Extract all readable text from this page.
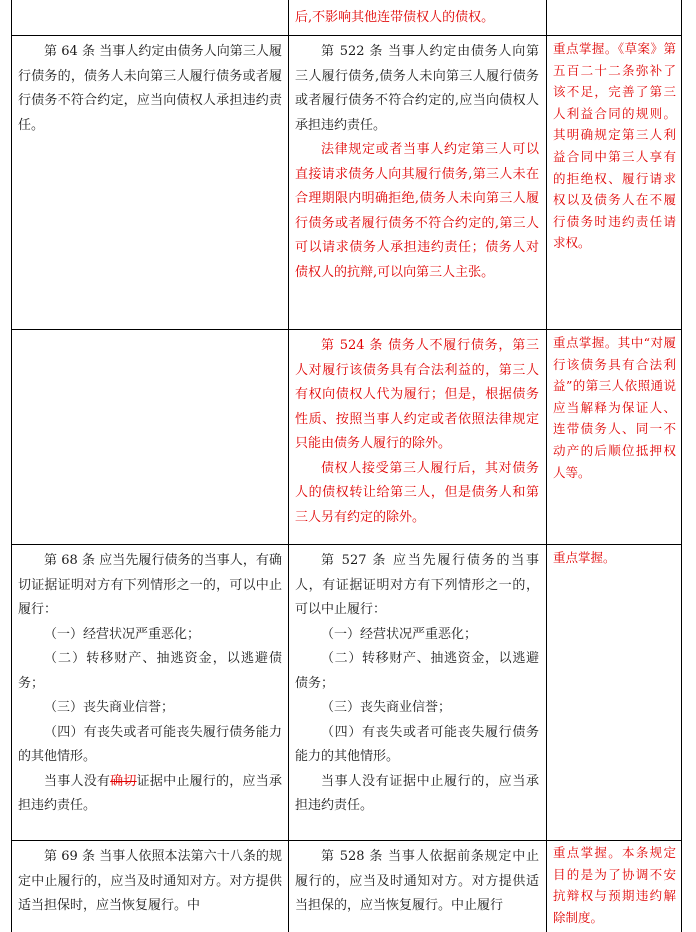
后,不影响其他连带债权人的债权。

第 64 条 当事人约定由债务人向第三人履行债务的，债务人未向第三人履行债务或者履行债务不符合约定，应当向债权人承担违约责任。

第 522 条 当事人约定由债务人向第三人履行债务,债务人未向第三人履行债务或者履行债务不符合约定的,应当向债权人承担违约责任。

法律规定或者当事人约定第三人可以直接请求债务人向其履行债务,第三人未在合理期限内明确拒绝,债务人未向第三人履行债务或者履行债务不符合约定的,第三人可以请求债务人承担违约责任；债务人对债权人的抗辩,可以向第三人主张。

重点掌握。《草案》第五百二十二条弥补了该不足，完善了第三人利益合同的规则。其明确规定第三人利益合同中第三人享有的拒绝权、履行请求权以及债务人在不履行债务时违约责任请求权。

第 524 条 债务人不履行债务，第三人对履行该债务具有合法利益的，第三人有权向债权人代为履行；但是，根据债务性质、按照当事人约定或者依照法律规定只能由债务人履行的除外。

债权人接受第三人履行后，其对债务人的债权转让给第三人，但是债务人和第三人另有约定的除外。

重点掌握。其中“对履行该债务具有合法利益”的第三人依照通说应当解释为保证人、连带债务人、同一不动产的后顺位抵押权人等。

第 68 条 应当先履行债务的当事人，有确切证据证明对方有下列情形之一的，可以中止履行：

（一）经营状况严重恶化；

（二）转移财产、抽逃资金，以逃避债务；

（三）丧失商业信誉；

（四）有丧失或者可能丧失履行债务能力的其他情形。

当事人没有确切证据中止履行的，应当承担违约责任。

第 527 条 应当先履行债务的当事人，有证据证明对方有下列情形之一的，可以中止履行：

（一）经营状况严重恶化；

（二）转移财产、抽逃资金，以逃避债务；

（三）丧失商业信誉；

（四）有丧失或者可能丧失履行债务能力的其他情形。

当事人没有证据中止履行的，应当承担违约责任。

重点掌握。

第 69 条 当事人依照本法第六十八条的规定中止履行的，应当及时通知对方。对方提供适当担保时，应当恢复履行。中

第 528 条 当事人依据前条规定中止履行的，应当及时通知对方。对方提供适当担保的，应当恢复履行。中止履行

重点掌握。本条规定目的是为了协调不安抗辩权与预期违约解除制度。
